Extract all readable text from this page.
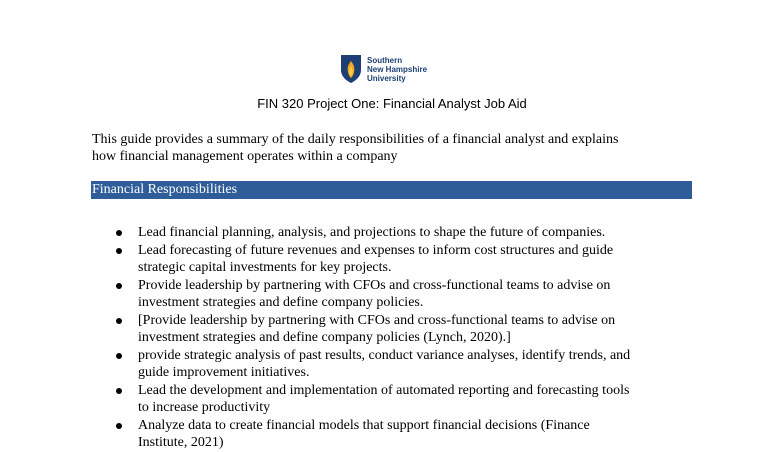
Southern
New Hampshire
University
FIN 320 Project One: Financial Analyst Job Aid
This guide provides a summary of the daily responsibilities of a financial analyst and explains
how financial management operates within a company
Financial Responsibilities
Lead financial planning, analysis, and projections to shape the future of companies.
Lead forecasting of future revenues and expenses to inform cost structures and guide
strategic capital investments for key projects.
Provide leadership by partnering with CFOs and cross-functional teams to advise on
investment strategies and define company policies.
[Provide leadership by partnering with CFOs and cross-functional teams to advise on
investment strategies and define company policies (Lynch, 2020).]
provide strategic analysis of past results, conduct variance analyses, identify trends, and
guide improvement initiatives.
Lead the development and implementation of automated reporting and forecasting tools
to increase productivity
Analyze data to create financial models that support financial decisions (Finance
Institute, 2021)
